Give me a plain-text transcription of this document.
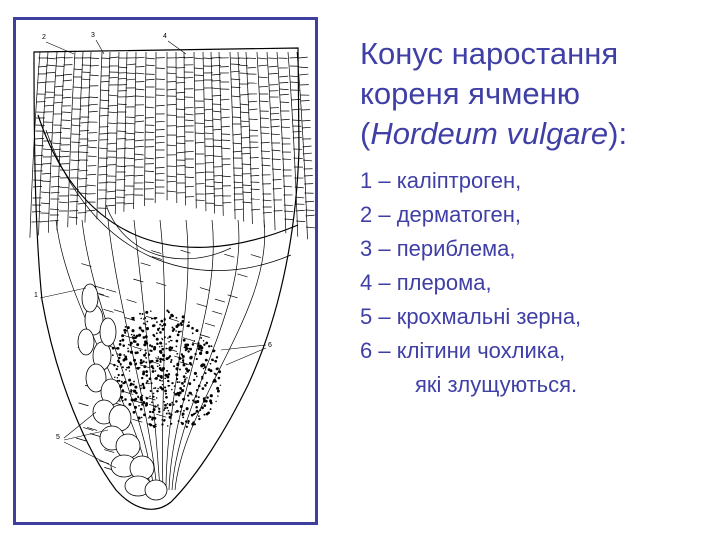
2	3	4
1
6
5

Конус наростання

кореня ячменю

(Hordeum vulgare):

1 – каліптроген,
2 – дерматоген,
3 – периблема,
4 – плерома,
5 – крохмальні зерна,
6 – клітини чохлика,
які злущуються.
